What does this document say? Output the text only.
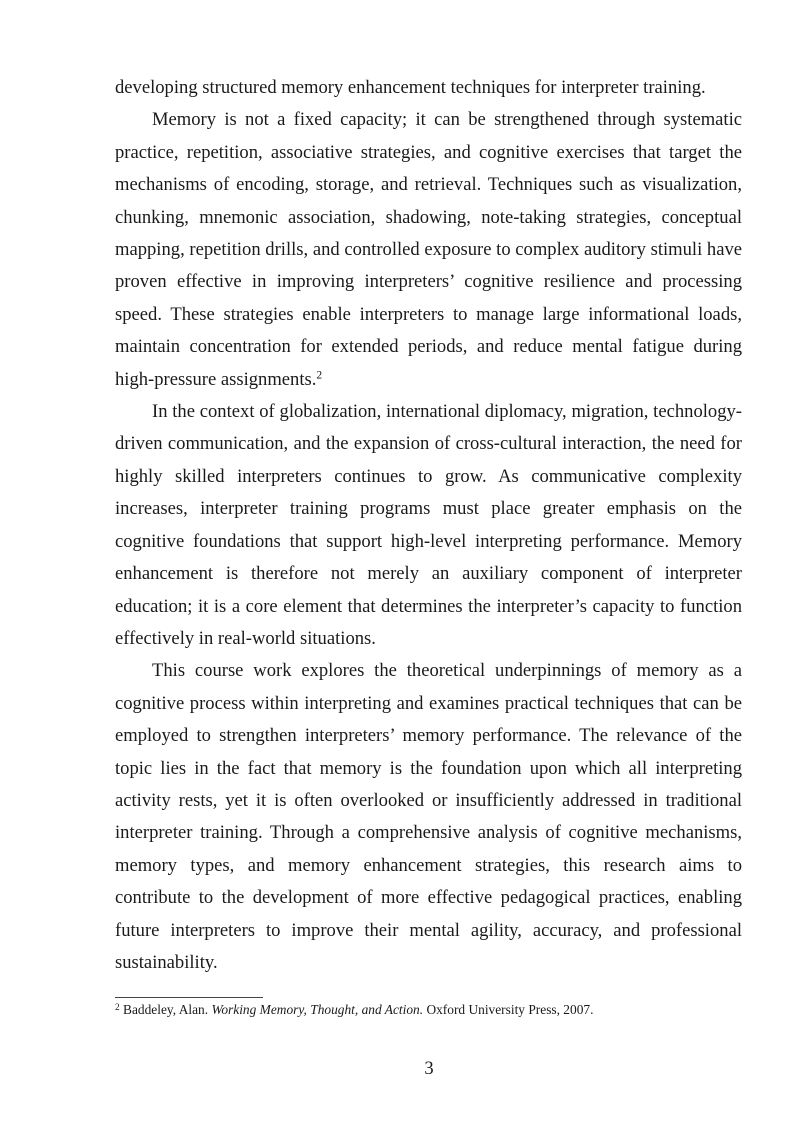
developing structured memory enhancement techniques for interpreter training.

Memory is not a fixed capacity; it can be strengthened through systematic practice, repetition, associative strategies, and cognitive exercises that target the mechanisms of encoding, storage, and retrieval. Techniques such as visualization, chunking, mnemonic association, shadowing, note-taking strategies, conceptual mapping, repetition drills, and controlled exposure to complex auditory stimuli have proven effective in improving interpreters’ cognitive resilience and processing speed. These strategies enable interpreters to manage large informational loads, maintain concentration for extended periods, and reduce mental fatigue during high-pressure assignments.$^2$

In the context of globalization, international diplomacy, migration, technology-driven communication, and the expansion of cross-cultural interaction, the need for highly skilled interpreters continues to grow. As communicative complexity increases, interpreter training programs must place greater emphasis on the cognitive foundations that support high-level interpreting performance. Memory enhancement is therefore not merely an auxiliary component of interpreter education; it is a core element that determines the interpreter’s capacity to function effectively in real-world situations.

This course work explores the theoretical underpinnings of memory as a cognitive process within interpreting and examines practical techniques that can be employed to strengthen interpreters’ memory performance. The relevance of the topic lies in the fact that memory is the foundation upon which all interpreting activity rests, yet it is often overlooked or insufficiently addressed in traditional interpreter training. Through a comprehensive analysis of cognitive mechanisms, memory types, and memory enhancement strategies, this research aims to contribute to the development of more effective pedagogical practices, enabling future interpreters to improve their mental agility, accuracy, and professional sustainability.

$^2$ Baddeley, Alan. Working Memory, Thought, and Action. Oxford University Press, 2007.

3
